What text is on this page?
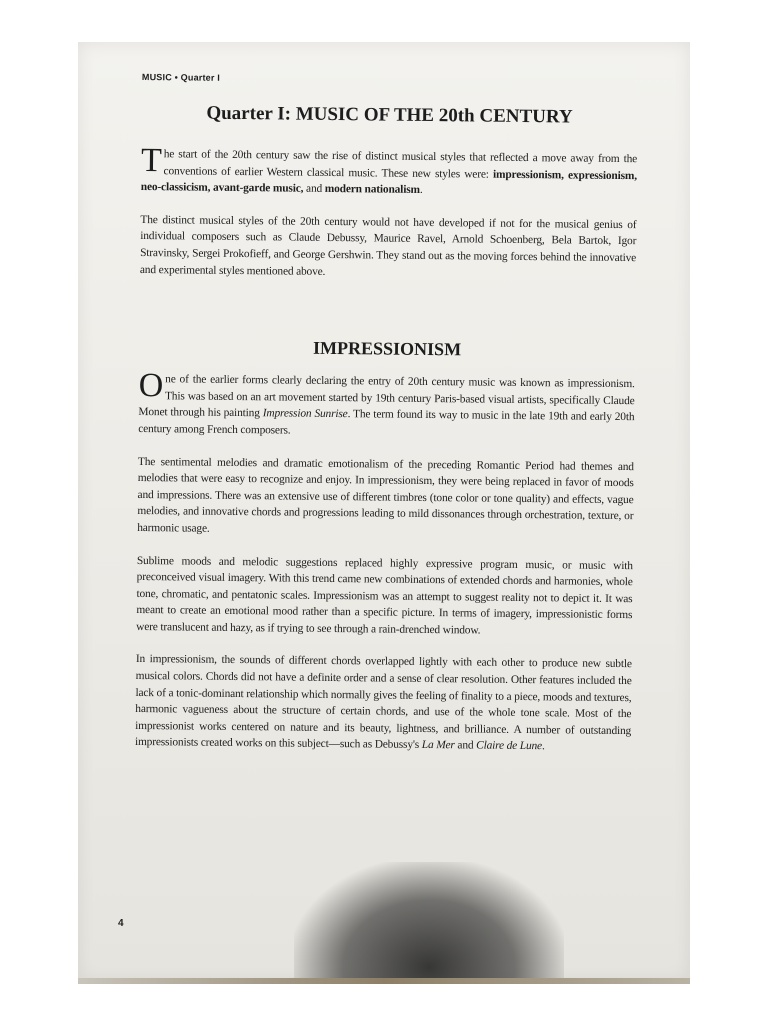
MUSIC • Quarter I
Quarter I: MUSIC OF THE 20th CENTURY

The start of the 20th century saw the rise of distinct musical styles that reflected a move away from the conventions of earlier Western classical music. These new styles were: impressionism, expressionism, neo-classicism, avant-garde music, and modern nationalism.

The distinct musical styles of the 20th century would not have developed if not for the musical genius of individual composers such as Claude Debussy, Maurice Ravel, Arnold Schoenberg, Bela Bartok, Igor Stravinsky, Sergei Prokofieff, and George Gershwin. They stand out as the moving forces behind the innovative and experimental styles mentioned above.

IMPRESSIONISM

One of the earlier forms clearly declaring the entry of 20th century music was known as impressionism. This was based on an art movement started by 19th century Paris-based visual artists, specifically Claude Monet through his painting Impression Sunrise. The term found its way to music in the late 19th and early 20th century among French composers.

The sentimental melodies and dramatic emotionalism of the preceding Romantic Period had themes and melodies that were easy to recognize and enjoy. In impressionism, they were being replaced in favor of moods and impressions. There was an extensive use of different timbres (tone color or tone quality) and effects, vague melodies, and innovative chords and progressions leading to mild dissonances through orchestration, texture, or harmonic usage.

Sublime moods and melodic suggestions replaced highly expressive program music, or music with preconceived visual imagery. With this trend came new combinations of extended chords and harmonies, whole tone, chromatic, and pentatonic scales. Impressionism was an attempt to suggest reality not to depict it. It was meant to create an emotional mood rather than a specific picture. In terms of imagery, impressionistic forms were translucent and hazy, as if trying to see through a rain-drenched window.

In impressionism, the sounds of different chords overlapped lightly with each other to produce new subtle musical colors. Chords did not have a definite order and a sense of clear resolution. Other features included the lack of a tonic-dominant relationship which normally gives the feeling of finality to a piece, moods and textures, harmonic vagueness about the structure of certain chords, and use of the whole tone scale. Most of the impressionist works centered on nature and its beauty, lightness, and brilliance. A number of outstanding impressionists created works on this subject—such as Debussy's La Mer and Claire de Lune.

4
